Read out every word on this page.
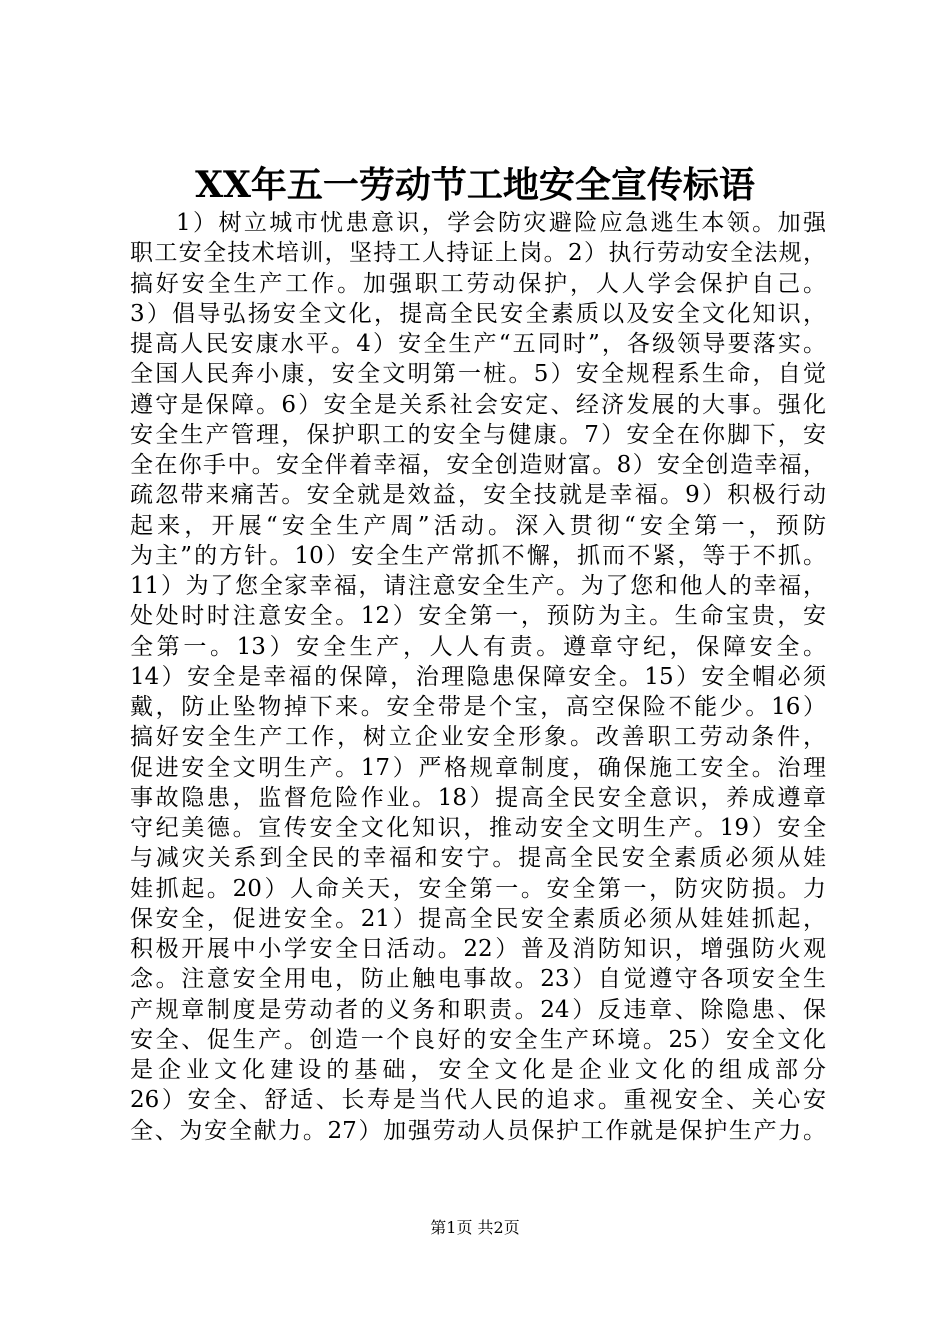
XX年五一劳动节工地安全宣传标语
1）树立城市忧患意识，学会防灾避险应急逃生本领。加强
职工安全技术培训，坚持工人持证上岗。2）执行劳动安全法规，
搞好安全生产工作。加强职工劳动保护，人人学会保护自己。
3）倡导弘扬安全文化，提高全民安全素质以及安全文化知识，
提高人民安康水平。4）安全生产“五同时”，各级领导要落实。
全国人民奔小康，安全文明第一桩。5）安全规程系生命，自觉
遵守是保障。6）安全是关系社会安定、经济发展的大事。强化
安全生产管理，保护职工的安全与健康。7）安全在你脚下，安
全在你手中。安全伴着幸福，安全创造财富。8）安全创造幸福，
疏忽带来痛苦。安全就是效益，安全技就是幸福。9）积极行动
起来，开展“安全生产周”活动。深入贯彻“安全第一，预防
为主”的方针。10）安全生产常抓不懈，抓而不紧，等于不抓。
11）为了您全家幸福，请注意安全生产。为了您和他人的幸福，
处处时时注意安全。12）安全第一，预防为主。生命宝贵，安
全第一。13）安全生产，人人有责。遵章守纪，保障安全。
14）安全是幸福的保障，治理隐患保障安全。15）安全帽必须
戴，防止坠物掉下来。安全带是个宝，高空保险不能少。16）
搞好安全生产工作，树立企业安全形象。改善职工劳动条件，
促进安全文明生产。17）严格规章制度，确保施工安全。治理
事故隐患，监督危险作业。18）提高全民安全意识，养成遵章
守纪美德。宣传安全文化知识，推动安全文明生产。19）安全
与减灾关系到全民的幸福和安宁。提高全民安全素质必须从娃
娃抓起。20）人命关天，安全第一。安全第一，防灾防损。力
保安全，促进安全。21）提高全民安全素质必须从娃娃抓起，
积极开展中小学安全日活动。22）普及消防知识，增强防火观
念。注意安全用电，防止触电事故。23）自觉遵守各项安全生
产规章制度是劳动者的义务和职责。24）反违章、除隐患、保
安全、促生产。创造一个良好的安全生产环境。25）安全文化
是企业文化建设的基础，安全文化是企业文化的组成部分
26）安全、舒适、长寿是当代人民的追求。重视安全、关心安
全、为安全献力。27）加强劳动人员保护工作就是保护生产力。
第1页 共2页
